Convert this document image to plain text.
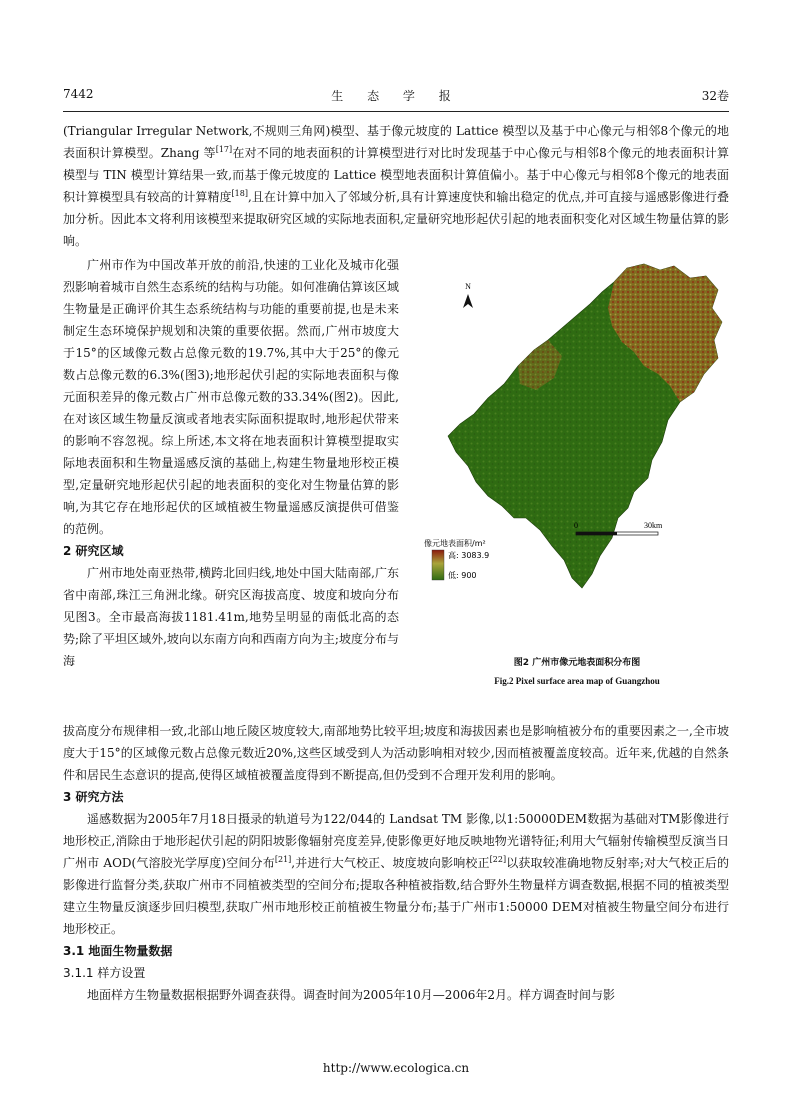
7442	生 态 学 报	32卷

(Triangular Irregular Network,不规则三角网)模型、基于像元坡度的 Lattice 模型以及基于中心像元与相邻8个像元的地表面积计算模型。Zhang 等[17]在对不同的地表面积的计算模型进行对比时发现基于中心像元与相邻8个像元的地表面积计算模型与 TIN 模型计算结果一致,而基于像元坡度的 Lattice 模型地表面积计算值偏小。基于中心像元与相邻8个像元的地表面积计算模型具有较高的计算精度[18],且在计算中加入了邻域分析,具有计算速度快和输出稳定的优点,并可直接与遥感影像进行叠加分析。因此本文将利用该模型来提取研究区域的实际地表面积,定量研究地形起伏引起的地表面积变化对区域生物量估算的影响。

广州市作为中国改革开放的前沿,快速的工业化及城市化强烈影响着城市自然生态系统的结构与功能。如何准确估算该区域生物量是正确评价其生态系统结构与功能的重要前提,也是未来制定生态环境保护规划和决策的重要依据。然而,广州市坡度大于15°的区域像元数占总像元数的19.7%,其中大于25°的像元数占总像元数的6.3%(图3);地形起伏引起的实际地表面积与像元面积差异的像元数占广州市总像元数的33.34%(图2)。因此,在对该区域生物量反演或者地表实际面积提取时,地形起伏带来的影响不容忽视。综上所述,本文将在地表面积计算模型提取实际地表面积和生物量遥感反演的基础上,构建生物量地形校正模型,定量研究地形起伏引起的地表面积的变化对生物量估算的影响,为其它存在地形起伏的区域植被生物量遥感反演提供可借鉴的范例。

2 研究区域

广州市地处南亚热带,横跨北回归线,地处中国大陆南部,广东省中南部,珠江三角洲北缘。研究区海拔高度、坡度和坡向分布见图3。全市最高海拔1181.41m,地势呈明显的南低北高的态势;除了平坦区域外,坡向以东南方向和西南方向为主;坡度分布与海

N
0	30km
像元地表面积/m²
高: 3083.9
低: 900
图2 广州市像元地表面积分布图
Fig.2 Pixel surface area map of Guangzhou

拔高度分布规律相一致,北部山地丘陵区坡度较大,南部地势比较平坦;坡度和海拔因素也是影响植被分布的重要因素之一,全市坡度大于15°的区域像元数占总像元数近20%,这些区域受到人为活动影响相对较少,因而植被覆盖度较高。近年来,优越的自然条件和居民生态意识的提高,使得区域植被覆盖度得到不断提高,但仍受到不合理开发利用的影响。

3 研究方法

遥感数据为2005年7月18日摄录的轨道号为122/044的 Landsat TM 影像,以1:50000DEM数据为基础对TM影像进行地形校正,消除由于地形起伏引起的阴阳坡影像辐射亮度差异,使影像更好地反映地物光谱特征;利用大气辐射传输模型反演当日广州市 AOD(气溶胶光学厚度)空间分布[21],并进行大气校正、坡度坡向影响校正[22]以获取较准确地物反射率;对大气校正后的影像进行监督分类,获取广州市不同植被类型的空间分布;提取各种植被指数,结合野外生物量样方调查数据,根据不同的植被类型建立生物量反演逐步回归模型,获取广州市地形校正前植被生物量分布;基于广州市1:50000 DEM对植被生物量空间分布进行地形校正。

3.1 地面生物量数据

3.1.1 样方设置

地面样方生物量数据根据野外调查获得。调查时间为2005年10月—2006年2月。样方调查时间与影

http://www.ecologica.cn
